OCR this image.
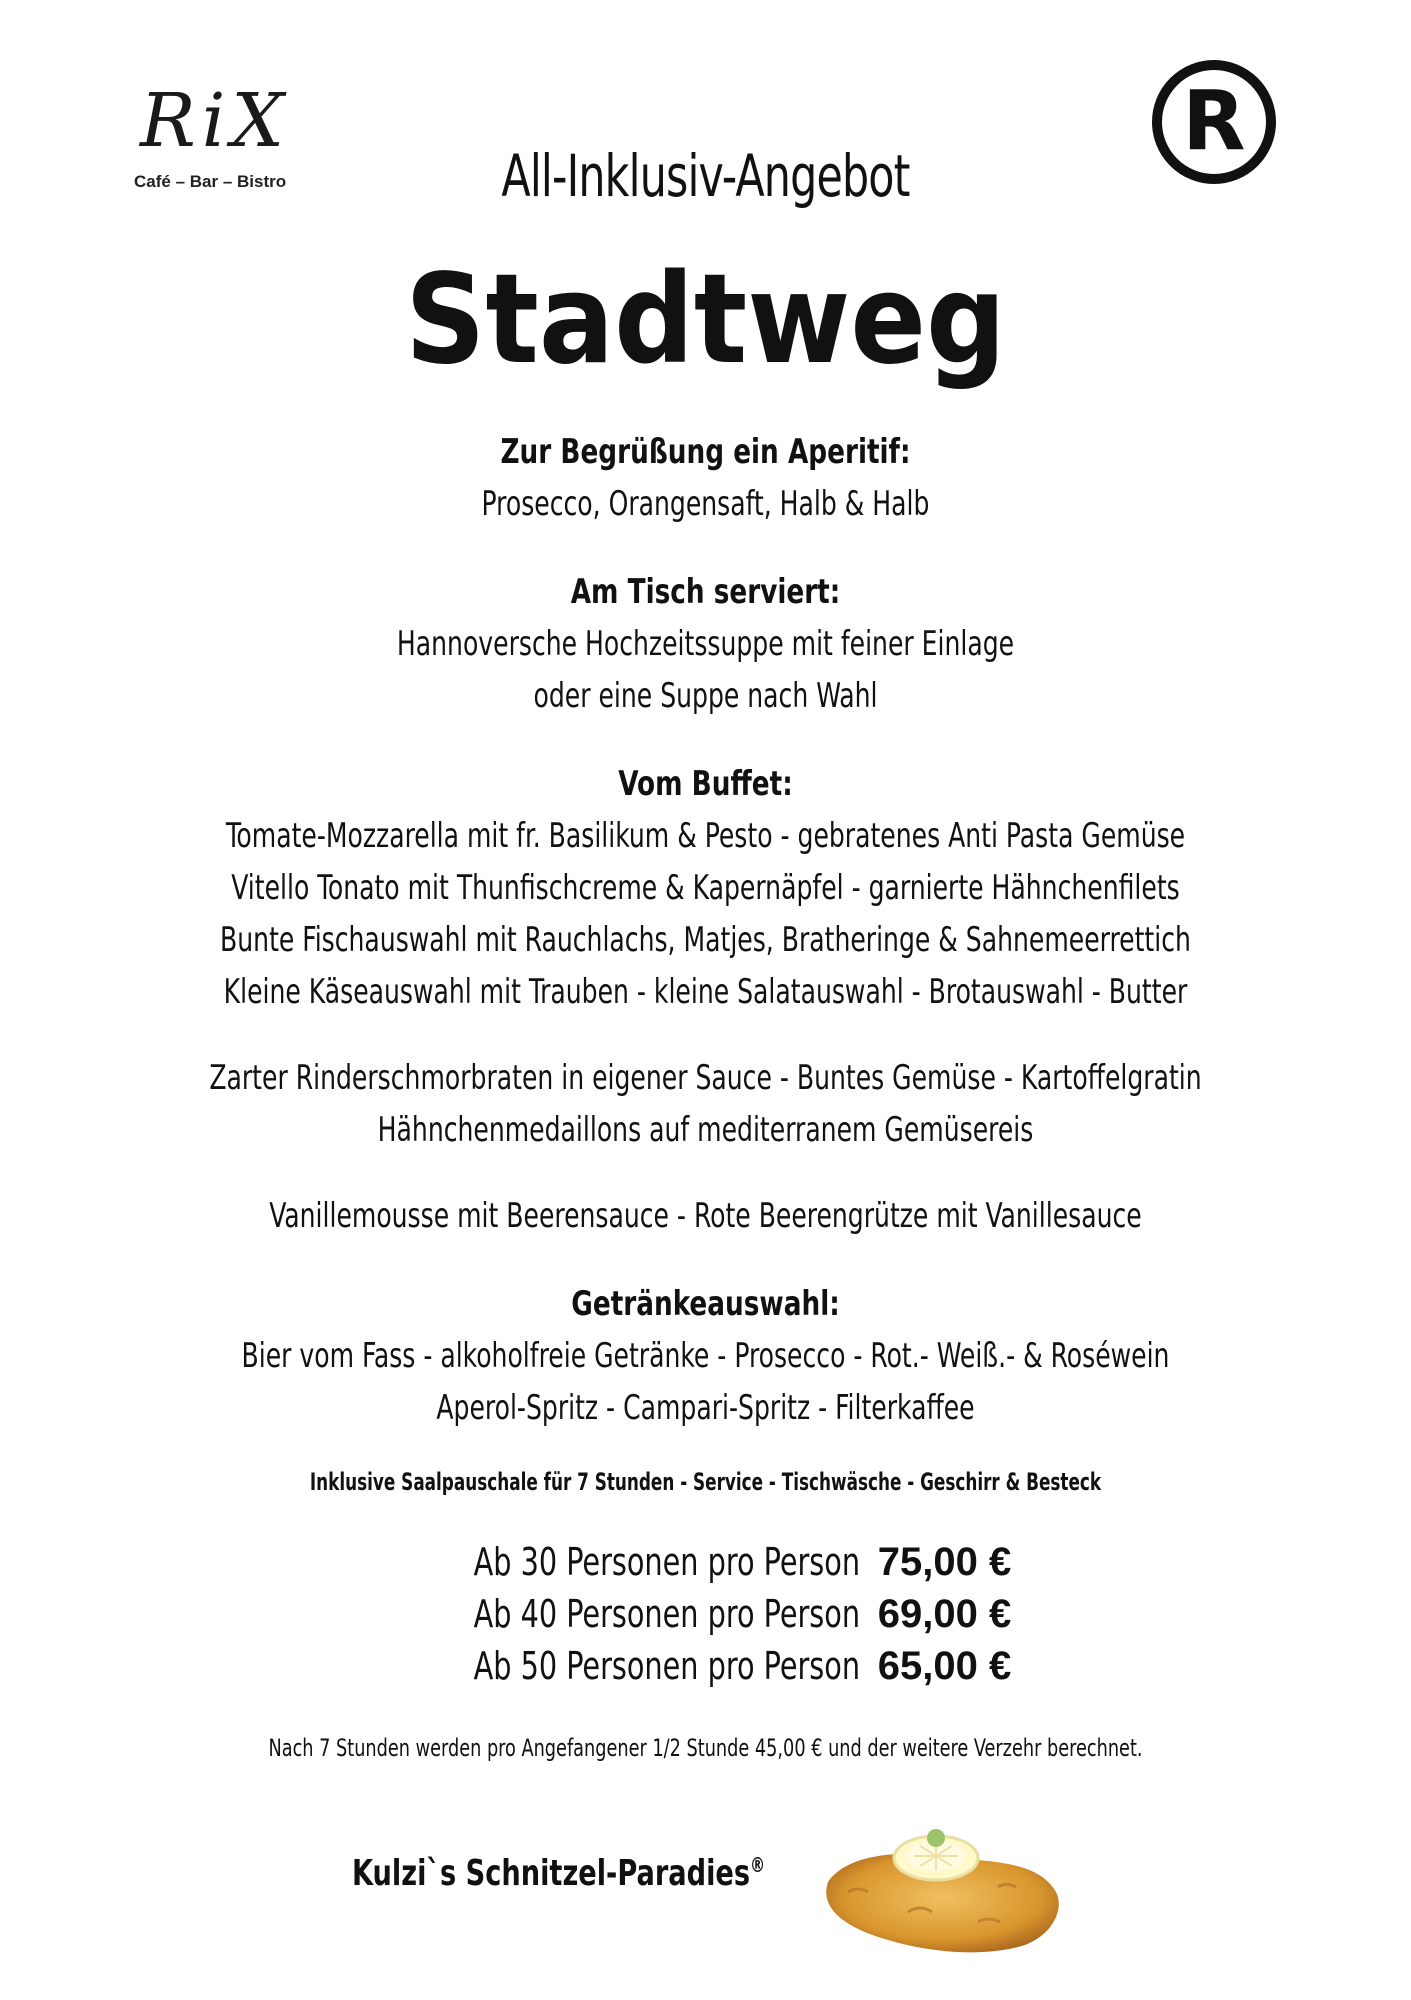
RiX
Café – Bar – Bistro
R
All-Inklusiv-Angebot
Stadtweg
Zur Begrüßung ein Aperitif:
Prosecco, Orangensaft, Halb & Halb
Am Tisch serviert:
Hannoversche Hochzeitssuppe mit feiner Einlage
oder eine Suppe nach Wahl
Vom Buffet:
Tomate-Mozzarella mit fr. Basilikum & Pesto - gebratenes Anti Pasta Gemüse
Vitello Tonato mit Thunfischcreme & Kapernäpfel - garnierte Hähnchenfilets
Bunte Fischauswahl mit Rauchlachs, Matjes, Bratheringe & Sahnemeerrettich
Kleine Käseauswahl mit Trauben - kleine Salatauswahl - Brotauswahl - Butter
Zarter Rinderschmorbraten in eigener Sauce - Buntes Gemüse - Kartoffelgratin
Hähnchenmedaillons auf mediterranem Gemüsereis
Vanillemousse mit Beerensauce - Rote Beerengrütze mit Vanillesauce
Getränkeauswahl:
Bier vom Fass - alkoholfreie Getränke - Prosecco - Rot.- Weiß.- & Roséwein
Aperol-Spritz - Campari-Spritz - Filterkaffee
Inklusive Saalpauschale für 7 Stunden - Service - Tischwäsche - Geschirr & Besteck
Ab 30 Personen pro Person 75,00 €
Ab 40 Personen pro Person 69,00 €
Ab 50 Personen pro Person 65,00 €
Nach 7 Stunden werden pro Angefangener 1/2 Stunde 45,00 € und der weitere Verzehr berechnet.
Kulzi`s Schnitzel-Paradies®
